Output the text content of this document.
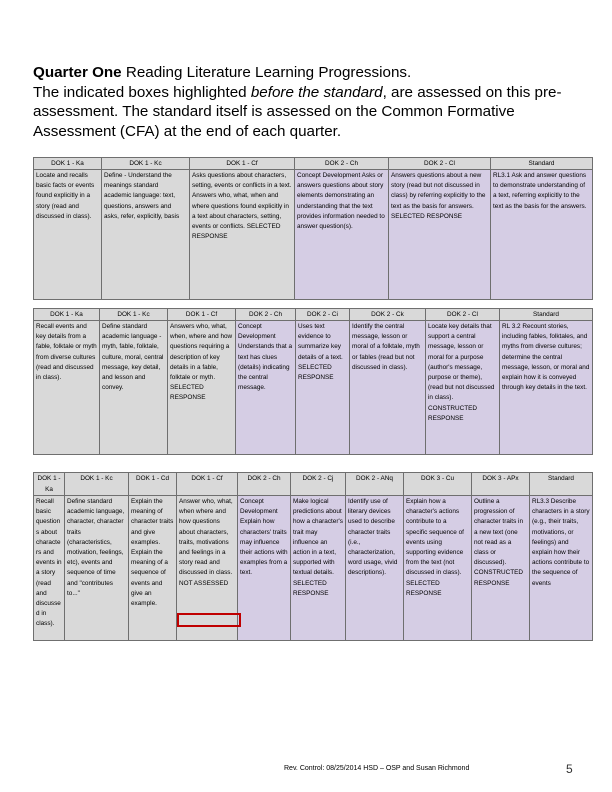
Quarter One Reading Literature Learning Progressions.
The indicated boxes highlighted before the standard, are assessed on this pre-
assessment. The standard itself is assessed on the Common Formative
Assessment (CFA) at the end of each quarter.
DOK 1 - Ka	DOK 1 - Kc	DOK 1 - Cf	DOK 2 - Ch	DOK 2 - Cl	Standard
Locate and recalls basic facts or events found explicitly in a story (read and discussed in class).	Define - Understand the meanings standard academic language: text, questions, answers and asks, refer, explicitly, basis	Asks questions about characters, setting, events or conflicts in a text. Answers who, what, when and where questions found explicitly in a text about characters, setting, events or conflicts. SELECTED RESPONSE	Concept Development Asks or answers questions about story elements demonstrating an understanding that the text provides information needed to answer question(s).	Answers questions about a new story (read but not discussed in class) by referring explicitly to the text as the basis for answers. SELECTED RESPONSE	RL3.1 Ask and answer questions to demonstrate understanding of a text, referring explicitly to the text as the basis for the answers.
DOK 1 - Ka	DOK 1 - Kc	DOK 1 - Cf	DOK 2 - Ch	DOK 2 - Ci	DOK 2 - Ck	DOK 2 - Cl	Standard
Recall events and key details from a fable, folktale or myth from diverse cultures (read and discussed in class).	Define standard academic language - myth, fable, folktale, culture, moral, central message, key detail, and lesson and convey.	Answers who, what, when, where and how questions requiring a description of key details in a fable, folktale or myth. SELECTED RESPONSE	Concept Development Understands that a text has clues (details) indicating the central message.	Uses text evidence to summarize key details of a text. SELECTED RESPONSE	Identify the central message, lesson or moral of a folktale, myth or fables (read but not discussed in class).	Locate key details that support a central message, lesson or moral for a purpose (author's message, purpose or theme), (read but not discussed in class). CONSTRUCTED RESPONSE	RL 3.2 Recount stories, including fables, folktales, and myths from diverse cultures; determine the central message, lesson, or moral and explain how it is conveyed through key details in the text.
DOK 1 - Ka	DOK 1 - Kc	DOK 1 - Cd	DOK 1 - Cf	DOK 2 - Ch	DOK 2 - Cj	DOK 2 - ANq	DOK 3 - Cu	DOK 3 - APx	Standard
Recall basic questions about characters and events in a story (read and discussed in class).	Define standard academic language, character, character traits (characteristics, motivation, feelings, etc), events and sequence of time and "contributes to..."	Explain the meaning of character traits and give examples. Explain the meaning of a sequence of events and give an example.	Answer who, what, when where and how questions about characters, traits, motivations and feelings in a story read and discussed in class. NOT ASSESSED	Concept Development Explain how characters' traits may influence their actions with examples from a text.	Make logical predictions about how a character's trait may influence an action in a text, supported with textual details. SELECTED RESPONSE	Identify use of literary devices used to describe character traits (i.e., characterization, word usage, vivid descriptions).	Explain how a character's actions contribute to a specific sequence of events using supporting evidence from the text (not discussed in class). SELECTED RESPONSE	Outline a progression of character traits in a new text (one not read as a class or discussed). CONSTRUCTED RESPONSE	RL3.3 Describe characters in a story (e.g., their traits, motivations, or feelings) and explain how their actions contribute to the sequence of events
Rev. Control: 08/25/2014 HSD – OSP and Susan Richmond	5
